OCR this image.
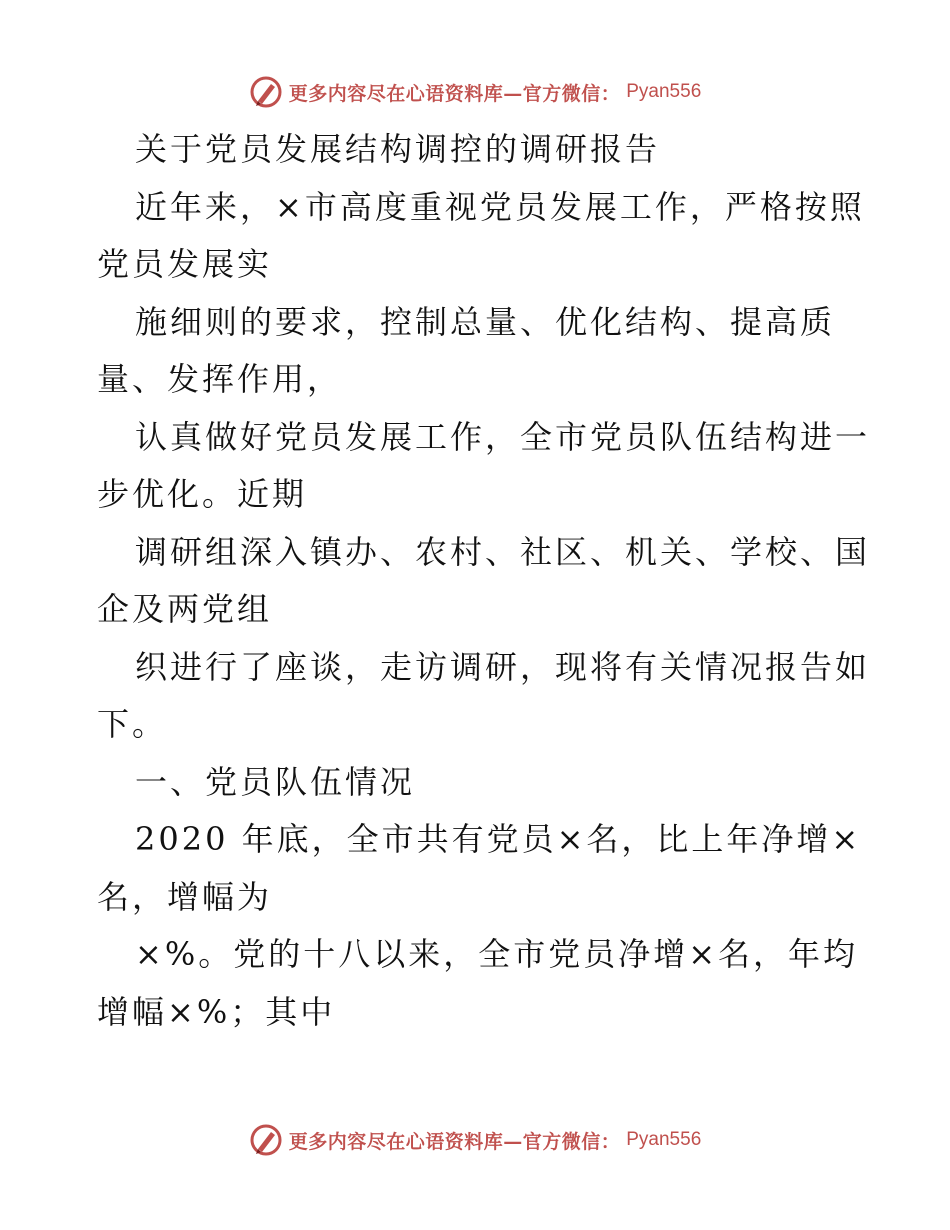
更多内容尽在心语资料库—官方微信： Pyan556
关于党员发展结构调控的调研报告
近年来，×市高度重视党员发展工作，严格按照
党员发展实
施细则的要求，控制总量、优化结构、提高质
量、发挥作用，
认真做好党员发展工作，全市党员队伍结构进一
步优化。近期
调研组深入镇办、农村、社区、机关、学校、国
企及两党组
织进行了座谈，走访调研，现将有关情况报告如
下。
一、党员队伍情况
2020 年底，全市共有党员×名，比上年净增×
名，增幅为
×%。党的十八以来，全市党员净增×名，年均
增幅×%；其中
更多内容尽在心语资料库—官方微信： Pyan556
